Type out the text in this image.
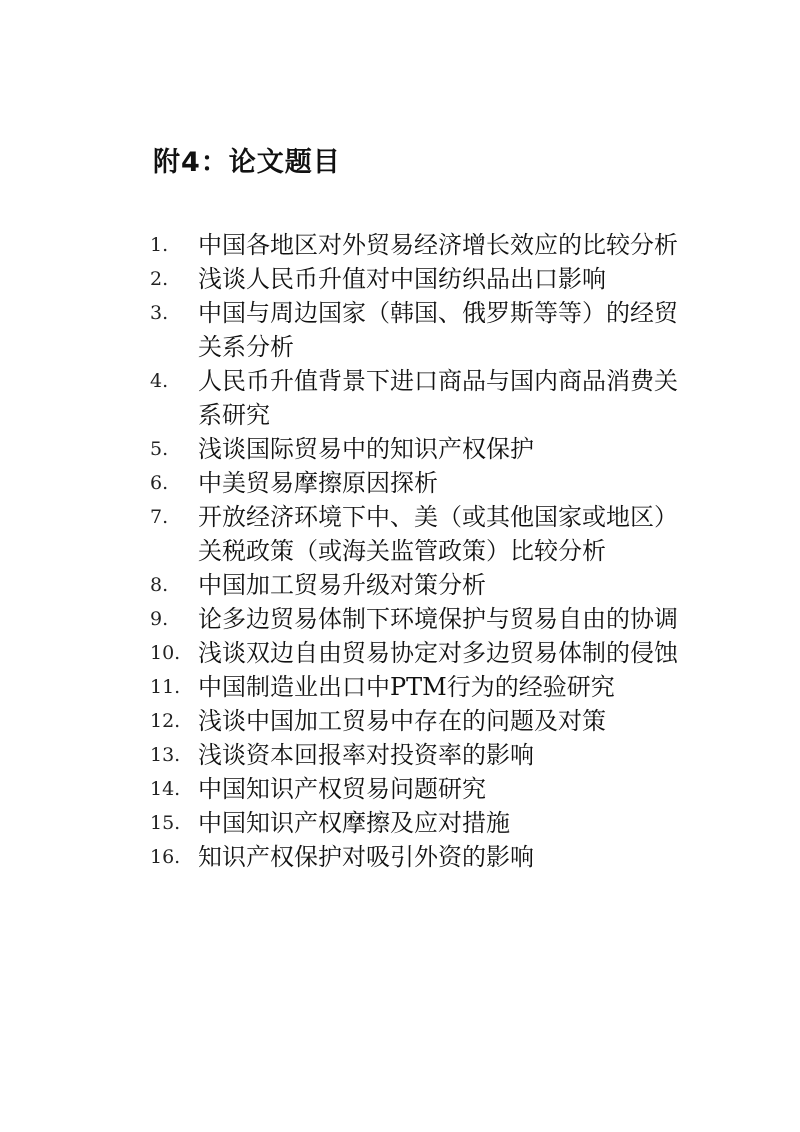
附4：论文题目
1.	中国各地区对外贸易经济增长效应的比较分析
2.	浅谈人民币升值对中国纺织品出口影响
3.	中国与周边国家（韩国、俄罗斯等等）的经贸关系分析
4.	人民币升值背景下进口商品与国内商品消费关系研究
5.	浅谈国际贸易中的知识产权保护
6.	中美贸易摩擦原因探析
7.	开放经济环境下中、美（或其他国家或地区）关税政策（或海关监管政策）比较分析
8.	中国加工贸易升级对策分析
9.	论多边贸易体制下环境保护与贸易自由的协调
10. 浅谈双边自由贸易协定对多边贸易体制的侵蚀
11. 中国制造业出口中PTM行为的经验研究
12. 浅谈中国加工贸易中存在的问题及对策
13. 浅谈资本回报率对投资率的影响
14. 中国知识产权贸易问题研究
15. 中国知识产权摩擦及应对措施
16. 知识产权保护对吸引外资的影响
